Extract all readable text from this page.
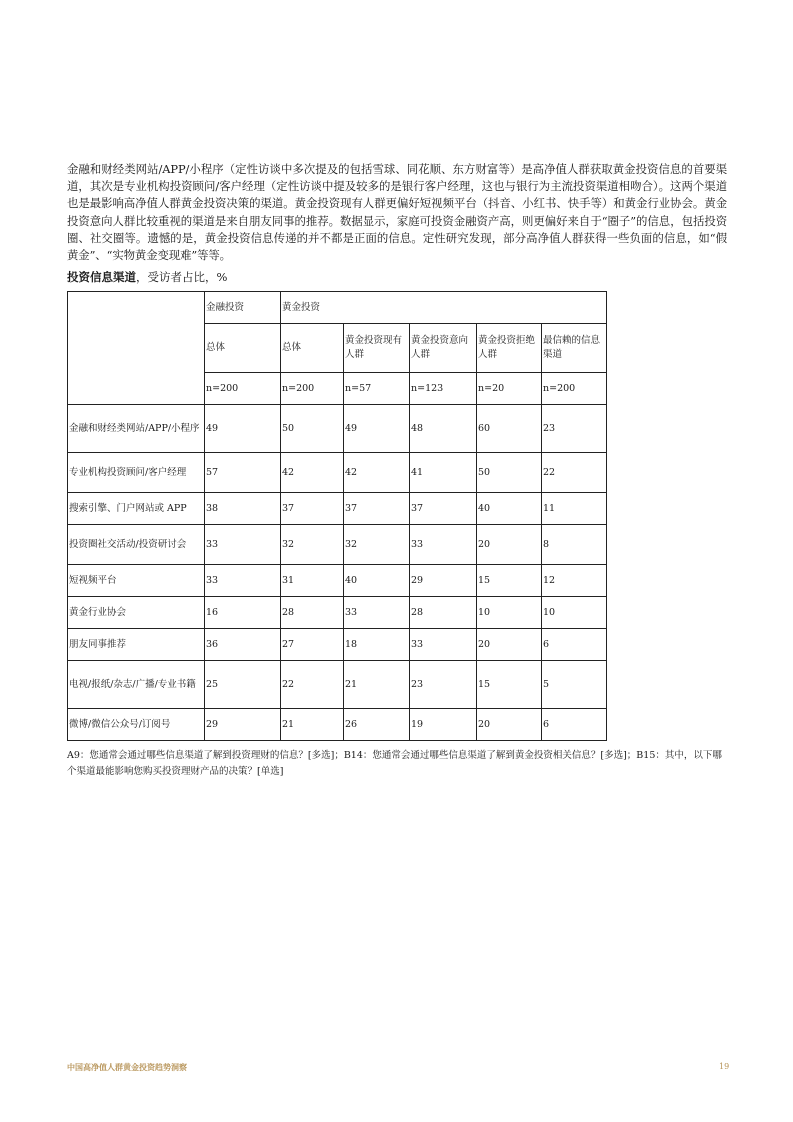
金融和财经类网站/APP/小程序（定性访谈中多次提及的包括雪球、同花顺、东方财富等）是高净值人群获取黄金投资信息的首要渠道，其次是专业机构投资顾问/客户经理（定性访谈中提及较多的是银行客户经理，这也与银行为主流投资渠道相吻合）。这两个渠道也是最影响高净值人群黄金投资决策的渠道。黄金投资现有人群更偏好短视频平台（抖音、小红书、快手等）和黄金行业协会。黄金投资意向人群比较重视的渠道是来自朋友同事的推荐。数据显示，家庭可投资金融资产高，则更偏好来自于“圈子”的信息，包括投资圈、社交圈等。遗憾的是，黄金投资信息传递的并不都是正面的信息。定性研究发现，部分高净值人群获得一些负面的信息，如“假黄金”、“实物黄金变现难”等等。

投资信息渠道，受访者占比，%
	金融投资	黄金投资				
	总体	总体	黄金投资现有人群	黄金投资意向人群	黄金投资拒绝人群	最信赖的信息渠道
	n=200	n=200	n=57	n=123	n=20	n=200
金融和财经类网站/APP/小程序	49	50	49	48	60	23
专业机构投资顾问/客户经理	57	42	42	41	50	22
搜索引擎、门户网站或 APP	38	37	37	37	40	11
投资圈社交活动/投资研讨会	33	32	32	33	20	8
短视频平台	33	31	40	29	15	12
黄金行业协会	16	28	33	28	10	10
朋友同事推荐	36	27	18	33	20	6
电视/报纸/杂志/广播/专业书籍	25	22	21	23	15	5
微博/微信公众号/订阅号	29	21	26	19	20	6

A9：您通常会通过哪些信息渠道了解到投资理财的信息？[多选]；B14：您通常会通过哪些信息渠道了解到黄金投资相关信息？[多选]；B15：其中，以下哪个渠道最能影响您购买投资理财产品的决策？[单选]

中国高净值人群黄金投资趋势洞察	19
